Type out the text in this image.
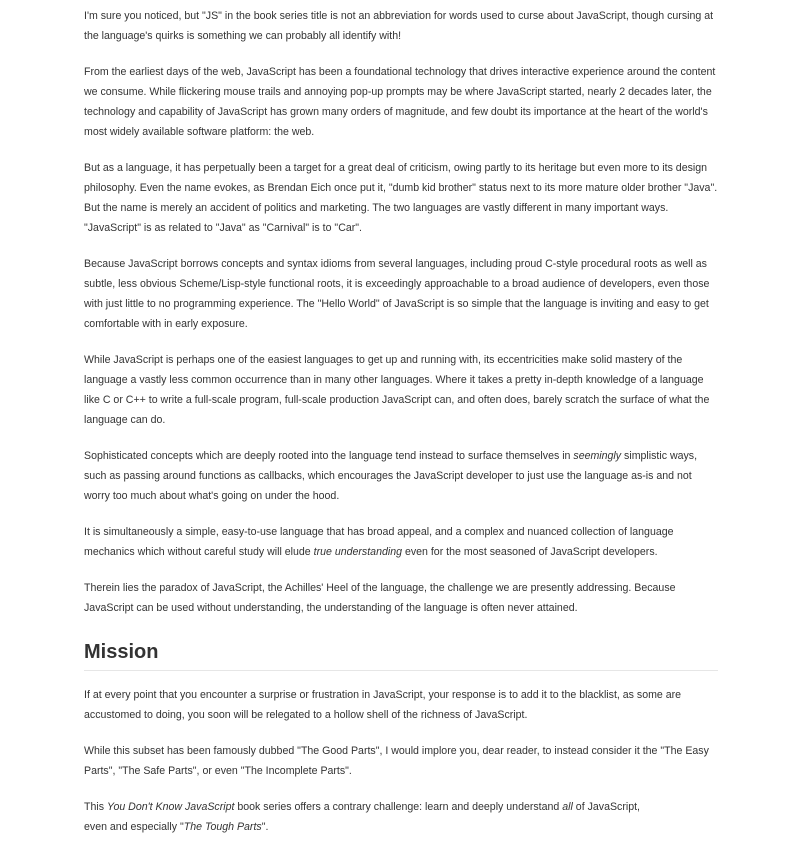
I'm sure you noticed, but "JS" in the book series title is not an abbreviation for words used to curse about JavaScript, though cursing at the language's quirks is something we can probably all identify with!

From the earliest days of the web, JavaScript has been a foundational technology that drives interactive experience around the content we consume. While flickering mouse trails and annoying pop-up prompts may be where JavaScript started, nearly 2 decades later, the technology and capability of JavaScript has grown many orders of magnitude, and few doubt its importance at the heart of the world's most widely available software platform: the web.

But as a language, it has perpetually been a target for a great deal of criticism, owing partly to its heritage but even more to its design philosophy. Even the name evokes, as Brendan Eich once put it, "dumb kid brother" status next to its more mature older brother "Java". But the name is merely an accident of politics and marketing. The two languages are vastly different in many important ways. "JavaScript" is as related to "Java" as "Carnival" is to "Car".

Because JavaScript borrows concepts and syntax idioms from several languages, including proud C-style procedural roots as well as subtle, less obvious Scheme/Lisp-style functional roots, it is exceedingly approachable to a broad audience of developers, even those with just little to no programming experience. The "Hello World" of JavaScript is so simple that the language is inviting and easy to get comfortable with in early exposure.

While JavaScript is perhaps one of the easiest languages to get up and running with, its eccentricities make solid mastery of the language a vastly less common occurrence than in many other languages. Where it takes a pretty in-depth knowledge of a language like C or C++ to write a full-scale program, full-scale production JavaScript can, and often does, barely scratch the surface of what the language can do.

Sophisticated concepts which are deeply rooted into the language tend instead to surface themselves in seemingly simplistic ways, such as passing around functions as callbacks, which encourages the JavaScript developer to just use the language as-is and not worry too much about what's going on under the hood.

It is simultaneously a simple, easy-to-use language that has broad appeal, and a complex and nuanced collection of language mechanics which without careful study will elude true understanding even for the most seasoned of JavaScript developers.

Therein lies the paradox of JavaScript, the Achilles' Heel of the language, the challenge we are presently addressing. Because JavaScript can be used without understanding, the understanding of the language is often never attained.

Mission

If at every point that you encounter a surprise or frustration in JavaScript, your response is to add it to the blacklist, as some are accustomed to doing, you soon will be relegated to a hollow shell of the richness of JavaScript.

While this subset has been famously dubbed "The Good Parts", I would implore you, dear reader, to instead consider it the "The Easy Parts", "The Safe Parts", or even "The Incomplete Parts".

This You Don't Know JavaScript book series offers a contrary challenge: learn and deeply understand all of JavaScript,
even and especially "The Tough Parts".
